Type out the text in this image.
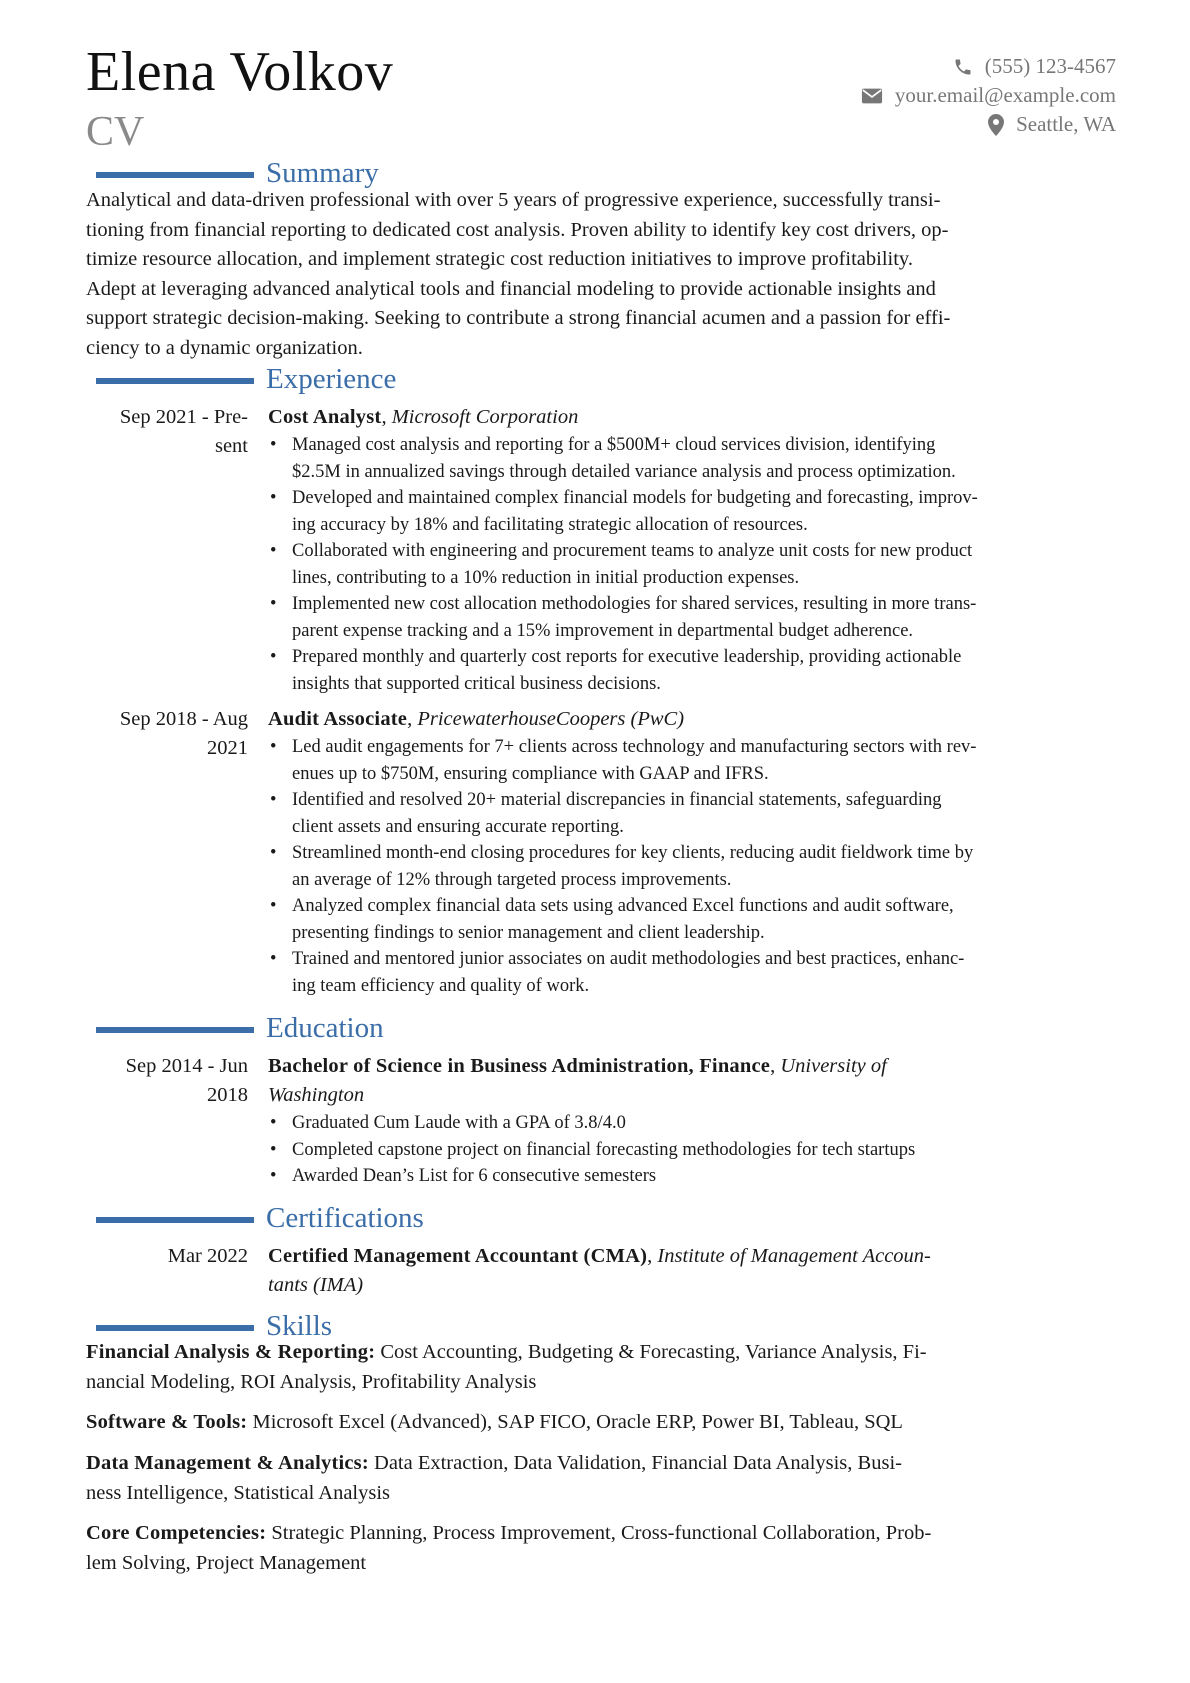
Elena Volkov
CV
(555) 123-4567
your.email@example.com
Seattle, WA
Summary
Analytical and data-driven professional with over 5 years of progressive experience, successfully transi-
tioning from financial reporting to dedicated cost analysis. Proven ability to identify key cost drivers, op-
timize resource allocation, and implement strategic cost reduction initiatives to improve profitability.
Adept at leveraging advanced analytical tools and financial modeling to provide actionable insights and
support strategic decision-making. Seeking to contribute a strong financial acumen and a passion for effi-
ciency to a dynamic organization.
Experience
Sep 2021 - Pre-
sent
Cost Analyst, Microsoft Corporation
• Managed cost analysis and reporting for a $500M+ cloud services division, identifying
$2.5M in annualized savings through detailed variance analysis and process optimization.
• Developed and maintained complex financial models for budgeting and forecasting, improv-
ing accuracy by 18% and facilitating strategic allocation of resources.
• Collaborated with engineering and procurement teams to analyze unit costs for new product
lines, contributing to a 10% reduction in initial production expenses.
• Implemented new cost allocation methodologies for shared services, resulting in more trans-
parent expense tracking and a 15% improvement in departmental budget adherence.
• Prepared monthly and quarterly cost reports for executive leadership, providing actionable
insights that supported critical business decisions.
Sep 2018 - Aug
2021
Audit Associate, PricewaterhouseCoopers (PwC)
• Led audit engagements for 7+ clients across technology and manufacturing sectors with rev-
enues up to $750M, ensuring compliance with GAAP and IFRS.
• Identified and resolved 20+ material discrepancies in financial statements, safeguarding
client assets and ensuring accurate reporting.
• Streamlined month-end closing procedures for key clients, reducing audit fieldwork time by
an average of 12% through targeted process improvements.
• Analyzed complex financial data sets using advanced Excel functions and audit software,
presenting findings to senior management and client leadership.
• Trained and mentored junior associates on audit methodologies and best practices, enhanc-
ing team efficiency and quality of work.
Education
Sep 2014 - Jun
2018
Bachelor of Science in Business Administration, Finance, University of
Washington
• Graduated Cum Laude with a GPA of 3.8/4.0
• Completed capstone project on financial forecasting methodologies for tech startups
• Awarded Dean’s List for 6 consecutive semesters
Certifications
Mar 2022 Certified Management Accountant (CMA), Institute of Management Accoun-
tants (IMA)
Skills
Financial Analysis & Reporting: Cost Accounting, Budgeting & Forecasting, Variance Analysis, Fi-
nancial Modeling, ROI Analysis, Profitability Analysis
Software & Tools: Microsoft Excel (Advanced), SAP FICO, Oracle ERP, Power BI, Tableau, SQL
Data Management & Analytics: Data Extraction, Data Validation, Financial Data Analysis, Busi-
ness Intelligence, Statistical Analysis
Core Competencies: Strategic Planning, Process Improvement, Cross-functional Collaboration, Prob-
lem Solving, Project Management
